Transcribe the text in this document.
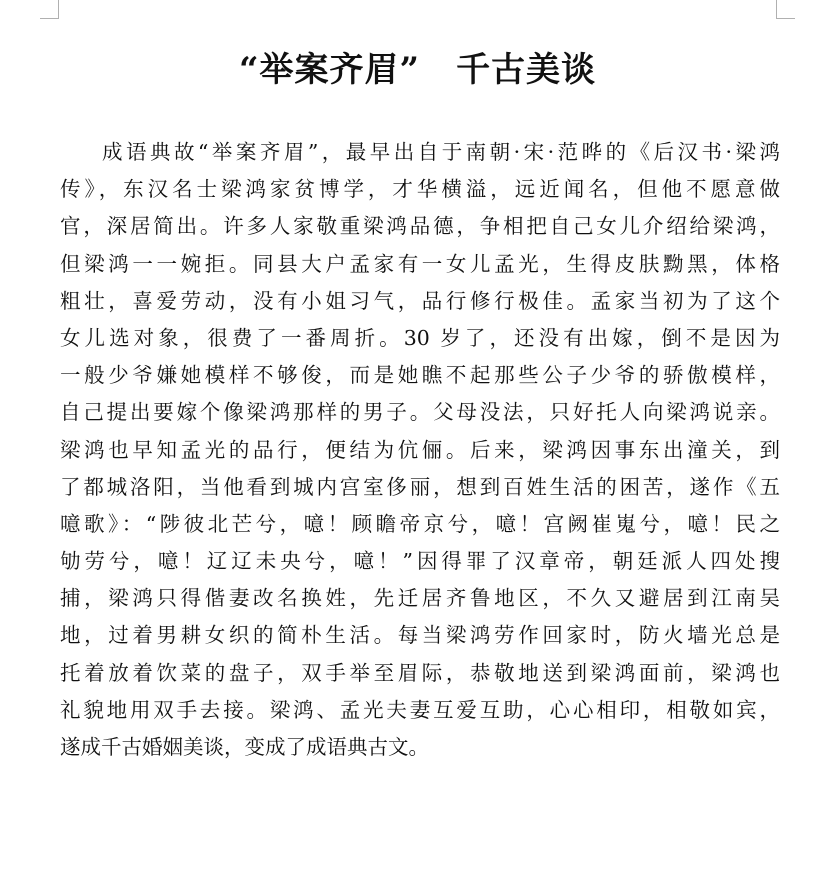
“举案齐眉” 千古美谈
成语典故“举案齐眉”，最早出自于南朝·宋·范晔的《后汉书·梁鸿
传》，东汉名士梁鸿家贫博学，才华横溢，远近闻名，但他不愿意做
官，深居简出。许多人家敬重梁鸿品德，争相把自己女儿介绍给梁鸿，
但梁鸿一一婉拒。同县大户孟家有一女儿孟光，生得皮肤黝黑，体格
粗壮，喜爱劳动，没有小姐习气，品行修行极佳。孟家当初为了这个
女儿选对象，很费了一番周折。30 岁了，还没有出嫁，倒不是因为
一般少爷嫌她模样不够俊，而是她瞧不起那些公子少爷的骄傲模样，
自己提出要嫁个像梁鸿那样的男子。父母没法，只好托人向梁鸿说亲。
梁鸿也早知孟光的品行，便结为伉俪。后来，梁鸿因事东出潼关，到
了都城洛阳，当他看到城内宫室侈丽，想到百姓生活的困苦，遂作《五
噫歌》：“陟彼北芒兮，噫！顾瞻帝京兮，噫！宫阙崔嵬兮，噫！民之
劬劳兮，噫！辽辽未央兮，噫！”因得罪了汉章帝，朝廷派人四处搜
捕，梁鸿只得偕妻改名换姓，先迁居齐鲁地区，不久又避居到江南吴
地，过着男耕女织的简朴生活。每当梁鸿劳作回家时，防火墙光总是
托着放着饮菜的盘子，双手举至眉际，恭敬地送到梁鸿面前，梁鸿也
礼貌地用双手去接。梁鸿、孟光夫妻互爱互助，心心相印，相敬如宾，
遂成千古婚姻美谈，变成了成语典古文。
